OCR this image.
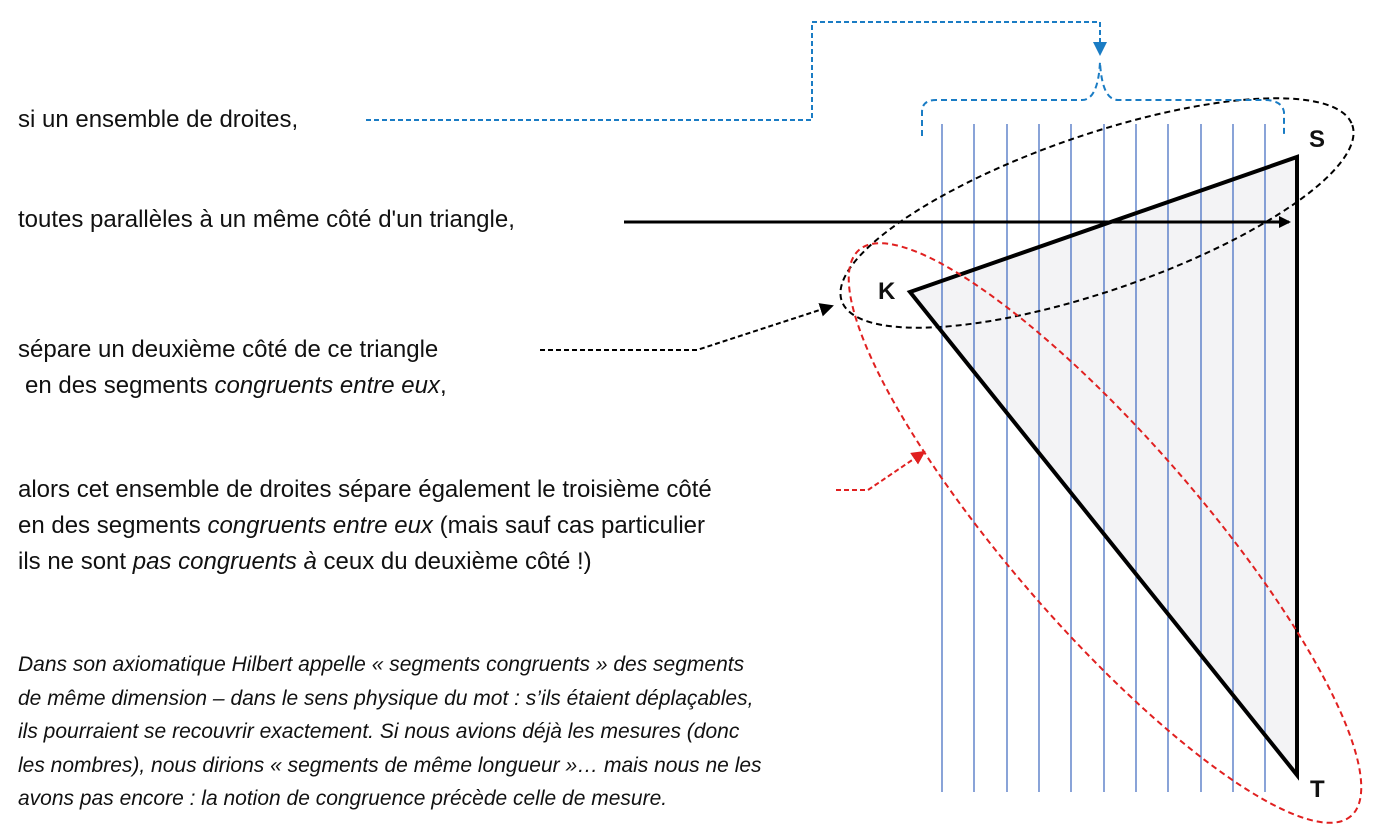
si un ensemble de droites,

toutes parallèles à un même côté d'un triangle,

sépare un deuxième côté de ce triangle
en des segments congruents entre eux,

alors cet ensemble de droites sépare également le troisième côté
en des segments congruents entre eux (mais sauf cas particulier
ils ne sont pas congruents à ceux du deuxième côté !)

Dans son axiomatique Hilbert appelle « segments congruents » des segments
de même dimension – dans le sens physique du mot : s’ils étaient déplaçables,
ils pourraient se recouvrir exactement. Si nous avions déjà les mesures (donc
les nombres), nous dirions « segments de même longueur »… mais nous ne les
avons pas encore : la notion de congruence précède celle de mesure.
S
K
T
